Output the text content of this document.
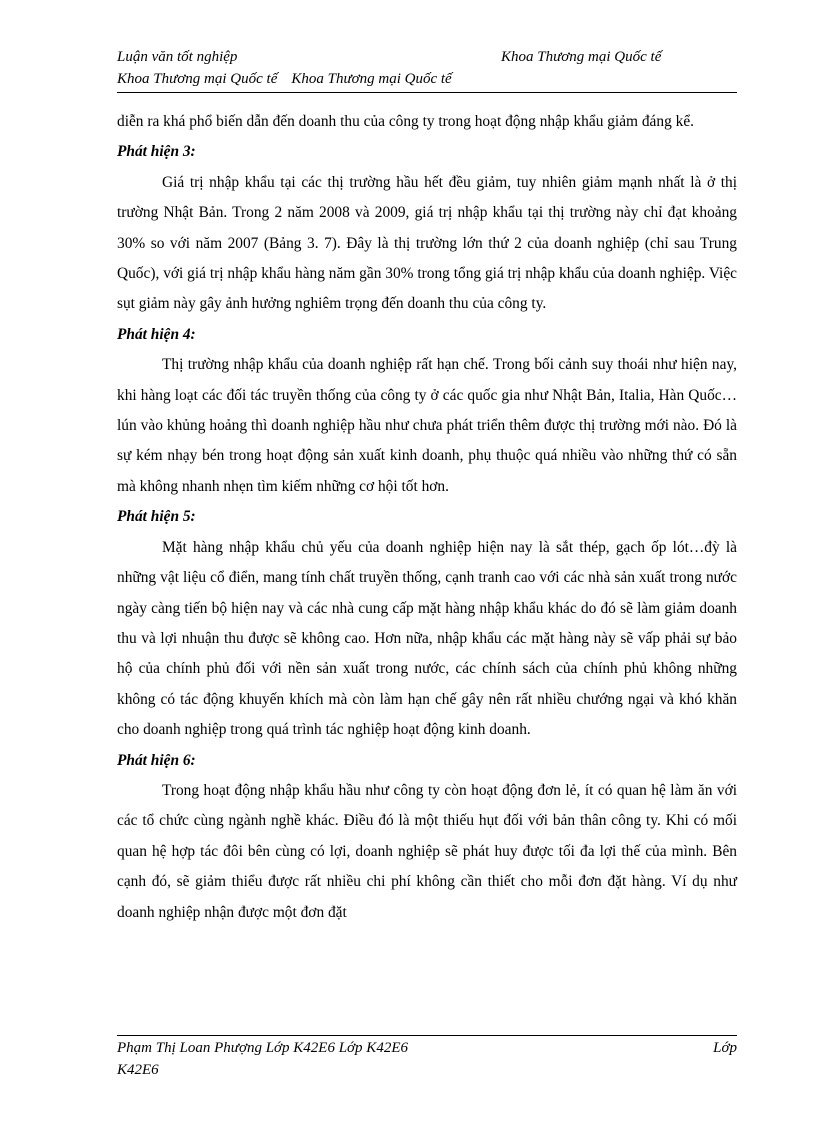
Luận văn tốt nghiệp	Khoa Thương mại Quốc tế
Khoa Thương mại Quốc tế Khoa Thương mại Quốc tế

diễn ra khá phổ biến dẫn đến doanh thu của công ty trong hoạt động nhập khẩu giảm đáng kể.

Phát hiện 3:

Giá trị nhập khẩu tại các thị trường hầu hết đều giảm, tuy nhiên giảm mạnh nhất là ở thị trường Nhật Bản. Trong 2 năm 2008 và 2009, giá trị nhập khẩu tại thị trường này chỉ đạt khoảng 30% so với năm 2007 (Bảng 3. 7). Đây là thị trường lớn thứ 2 của doanh nghiệp (chỉ sau Trung Quốc), với giá trị nhập khẩu hàng năm gần 30% trong tổng giá trị nhập khẩu của doanh nghiệp. Việc sụt giảm này gây ảnh hưởng nghiêm trọng đến doanh thu của công ty.

Phát hiện 4:

Thị trường nhập khẩu của doanh nghiệp rất hạn chế. Trong bối cảnh suy thoái như hiện nay, khi hàng loạt các đối tác truyền thống của công ty ở các quốc gia như Nhật Bản, Italia, Hàn Quốc…lún vào khủng hoảng thì doanh nghiệp hầu như chưa phát triển thêm được thị trường mới nào. Đó là sự kém nhạy bén trong hoạt động sản xuất kinh doanh, phụ thuộc quá nhiều vào những thứ có sẵn mà không nhanh nhẹn tìm kiếm những cơ hội tốt hơn.

Phát hiện 5:

Mặt hàng nhập khẩu chủ yếu của doanh nghiệp hiện nay là sắt thép, gạch ốp lót…đỳ là những vật liệu cổ điển, mang tính chất truyền thống, cạnh tranh cao với các nhà sản xuất trong nước ngày càng tiến bộ hiện nay và các nhà cung cấp mặt hàng nhập khẩu khác do đó sẽ làm giảm doanh thu và lợi nhuận thu được sẽ không cao. Hơn nữa, nhập khẩu các mặt hàng này sẽ vấp phải sự bảo hộ của chính phủ đối với nền sản xuất trong nước, các chính sách của chính phủ không những không có tác động khuyến khích mà còn làm hạn chế gây nên rất nhiều chướng ngại và khó khăn cho doanh nghiệp trong quá trình tác nghiệp hoạt động kinh doanh.

Phát hiện 6:

Trong hoạt động nhập khẩu hầu như công ty còn hoạt động đơn lẻ, ít có quan hệ làm ăn với các tổ chức cùng ngành nghề khác. Điều đó là một thiếu hụt đối với bản thân công ty. Khi có mối quan hệ hợp tác đôi bên cùng có lợi, doanh nghiệp sẽ phát huy được tối đa lợi thế của mình. Bên cạnh đó, sẽ giảm thiểu được rất nhiều chi phí không cần thiết cho mỗi đơn đặt hàng. Ví dụ như doanh nghiệp nhận được một đơn đặt

Phạm Thị Loan Phượng Lớp K42E6 Lớp K42E6	Lớp
K42E6
